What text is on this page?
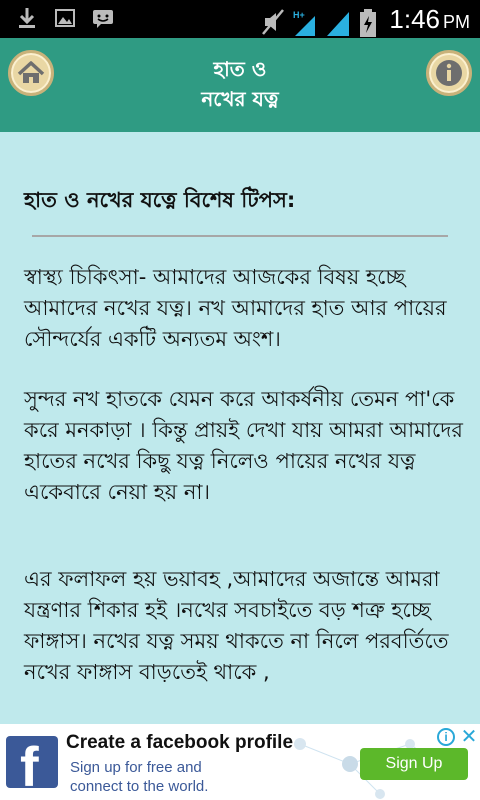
H+	1:46 PM
হাত ও
নখের যত্ন
হাত ও নখের যত্নে বিশেষ টিপস:
স্বাস্থ্য চিকিৎসা- আমাদের আজকের বিষয় হচ্ছে আমাদের নখের যত্ন। নখ আমাদের হাত আর পায়ের সৌন্দর্যের একটি অন্যতম অংশ।
সুন্দর নখ হাতকে যেমন করে আকর্ষনীয় তেমন পা'কে করে মনকাড়া । কিন্তু প্রায়ই দেখা যায় আমরা আমাদের হাতের নখের কিছু যত্ন নিলেও পায়ের নখের যত্ন একেবারে নেয়া হয় না।
এর ফলাফল হয় ভয়াবহ ,আমাদের অজান্তে আমরা যন্ত্রণার শিকার হই ।নখের সবচাইতে বড় শত্রু হচ্ছে ফাঙ্গাস। নখের যত্ন সময় থাকতে না নিলে পরবর্তিতে নখের ফাঙ্গাস বাড়তেই থাকে ,
f Create a facebook profile
Sign up for free and
connect to the world.
Sign Up
i ✕
